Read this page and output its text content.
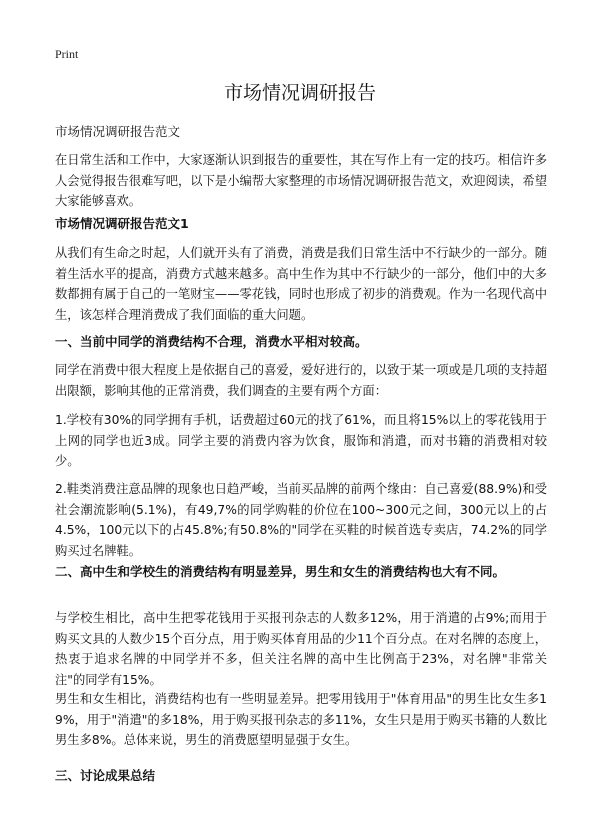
Print
市场情况调研报告
市场情况调研报告范文
在日常生活和工作中，大家逐渐认识到报告的重要性，其在写作上有一定的技巧。相信许多人会觉得报告很难写吧，以下是小编帮大家整理的市场情况调研报告范文，欢迎阅读，希望大家能够喜欢。
市场情况调研报告范文1
从我们有生命之时起，人们就开头有了消费，消费是我们日常生活中不行缺少的一部分。随着生活水平的提高，消费方式越来越多。高中生作为其中不行缺少的一部分，他们中的大多数都拥有属于自己的一笔财宝——零花钱，同时也形成了初步的消费观。作为一名现代高中生，该怎样合理消费成了我们面临的重大问题。
一、当前中同学的消费结构不合理，消费水平相对较高。
同学在消费中很大程度上是依据自己的喜爱，爱好进行的，以致于某一项或是几项的支持超出限额，影响其他的正常消费，我们调查的主要有两个方面：
1.学校有30%的同学拥有手机，话费超过60元的找了61%，而且将15%以上的零花钱用于上网的同学也近3成。同学主要的消费内容为饮食，服饰和消遣，而对书籍的消费相对较少。
2.鞋类消费注意品牌的现象也日趋严峻，当前买品牌的前两个缘由：自己喜爱(88.9%)和受社会潮流影响(5.1%)，有49,7%的同学购鞋的价位在100~300元之间，300元以上的占4.5%，100元以下的占45.8%;有50.8%的"同学在买鞋的时候首选专卖店，74.2%的同学购买过名牌鞋。
二、高中生和学校生的消费结构有明显差异，男生和女生的消费结构也大有不同。
与学校生相比，高中生把零花钱用于买报刊杂志的人数多12%，用于消遣的占9%;而用于购买文具的人数少15个百分点，用于购买体育用品的少11个百分点。在对名牌的态度上，热衷于追求名牌的中同学并不多，但关注名牌的高中生比例高于23%，对名牌"非常关注"的同学有15%。
男生和女生相比，消费结构也有一些明显差异。把零用钱用于"体育用品"的男生比女生多19%，用于"消遣"的多18%，用于购买报刊杂志的多11%，女生只是用于购买书籍的人数比男生多8%。总体来说，男生的消费愿望明显强于女生。
三、讨论成果总结
